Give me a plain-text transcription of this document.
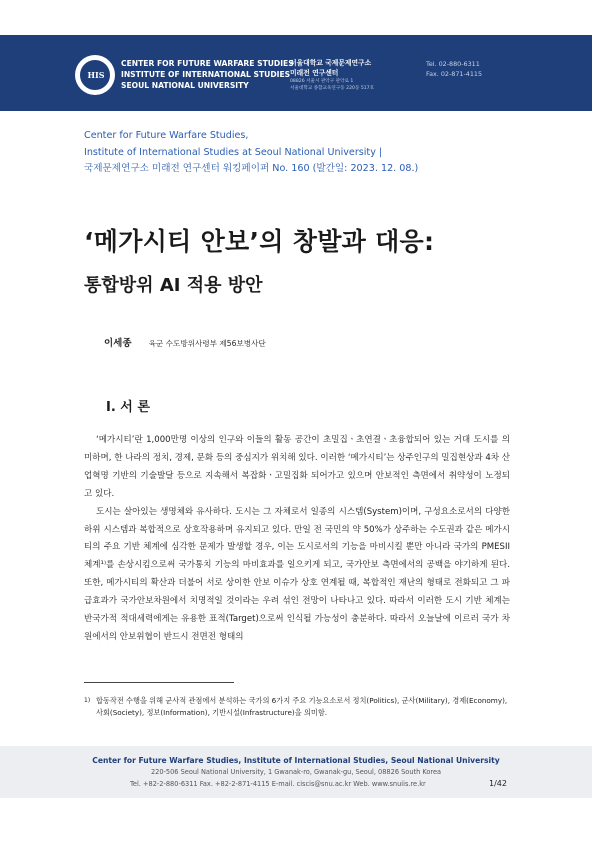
HIS
CENTER FOR FUTURE WARFARE STUDIES
INSTITUTE OF INTERNATIONAL STUDIES
SEOUL NATIONAL UNIVERSITY
서울대학교 국제문제연구소
미래전 연구센터
08826 서울시 관악구 관악로 1
서울대학교 종합교육연구동 220동 517호
Tel. 02-880-6311
Fax. 02-871-4115
Center for Future Warfare Studies,
Institute of International Studies at Seoul National University |
국제문제연구소 미래전 연구센터 워킹페이퍼 No. 160 (발간일: 2023. 12. 08.)
‘메가시티 안보’의 창발과 대응:
통합방위 AI 적용 방안
이세종 육군 수도방위사령부 제56보병사단
Ⅰ. 서 론

‘메가시티’란 1,000만명 이상의 인구와 이들의 활동 공간이 초밀집ㆍ초연결ㆍ초융합되어 있는 거대 도시를 의미하며, 한 나라의 정치, 경제, 문화 등의 중심지가 위치해 있다. 이러한 ‘메가시티’는 상주인구의 밀집현상과 4차 산업혁명 기반의 기술발달 등으로 지속해서 복잡화ㆍ고밀집화 되어가고 있으며 안보적인 측면에서 취약성이 노정되고 있다.

도시는 살아있는 생명체와 유사하다. 도시는 그 자체로서 일종의 시스템(System)이며, 구성요소로서의 다양한 하위 시스템과 복합적으로 상호작용하며 유지되고 있다. 만일 전 국민의 약 50%가 상주하는 수도권과 같은 메가시티의 주요 기반 체계에 심각한 문제가 발생할 경우, 이는 도시로서의 기능을 마비시킬 뿐만 아니라 국가의 PMESII 체계¹⁾를 손상시킴으로써 국가통치 기능의 마비효과를 일으키게 되고, 국가안보 측면에서의 공백을 야기하게 된다. 또한, 메가시티의 확산과 더불어 서로 상이한 안보 이슈가 상호 연계될 때, 복합적인 재난의 형태로 전화되고 그 파급효과가 국가안보차원에서 치명적일 것이라는 우려 섞인 전망이 나타나고 있다. 따라서 이러한 도시 기반 체계는 반국가적 적대세력에게는 유용한 표적(Target)으로써 인식될 가능성이 충분하다. 따라서 오늘날에 이르러 국가 차원에서의 안보위협이 반드시 전면전 형태의

1) 합동작전 수행을 위해 군사적 관점에서 분석하는 국가의 6가지 주요 기능요소로서 정치(Politics), 군사(Military), 경제(Economy), 사회(Society), 정보(Information), 기반시설(Infrastructure)을 의미함.
Center for Future Warfare Studies, Institute of International Studies, Seoul National University
220-506 Seoul National University, 1 Gwanak-ro, Gwanak-gu, Seoul, 08826 South Korea
Tel. +82-2-880-6311 Fax. +82-2-871-4115 E-mail. ciscis@snu.ac.kr Web. www.snuiis.re.kr	1/42
